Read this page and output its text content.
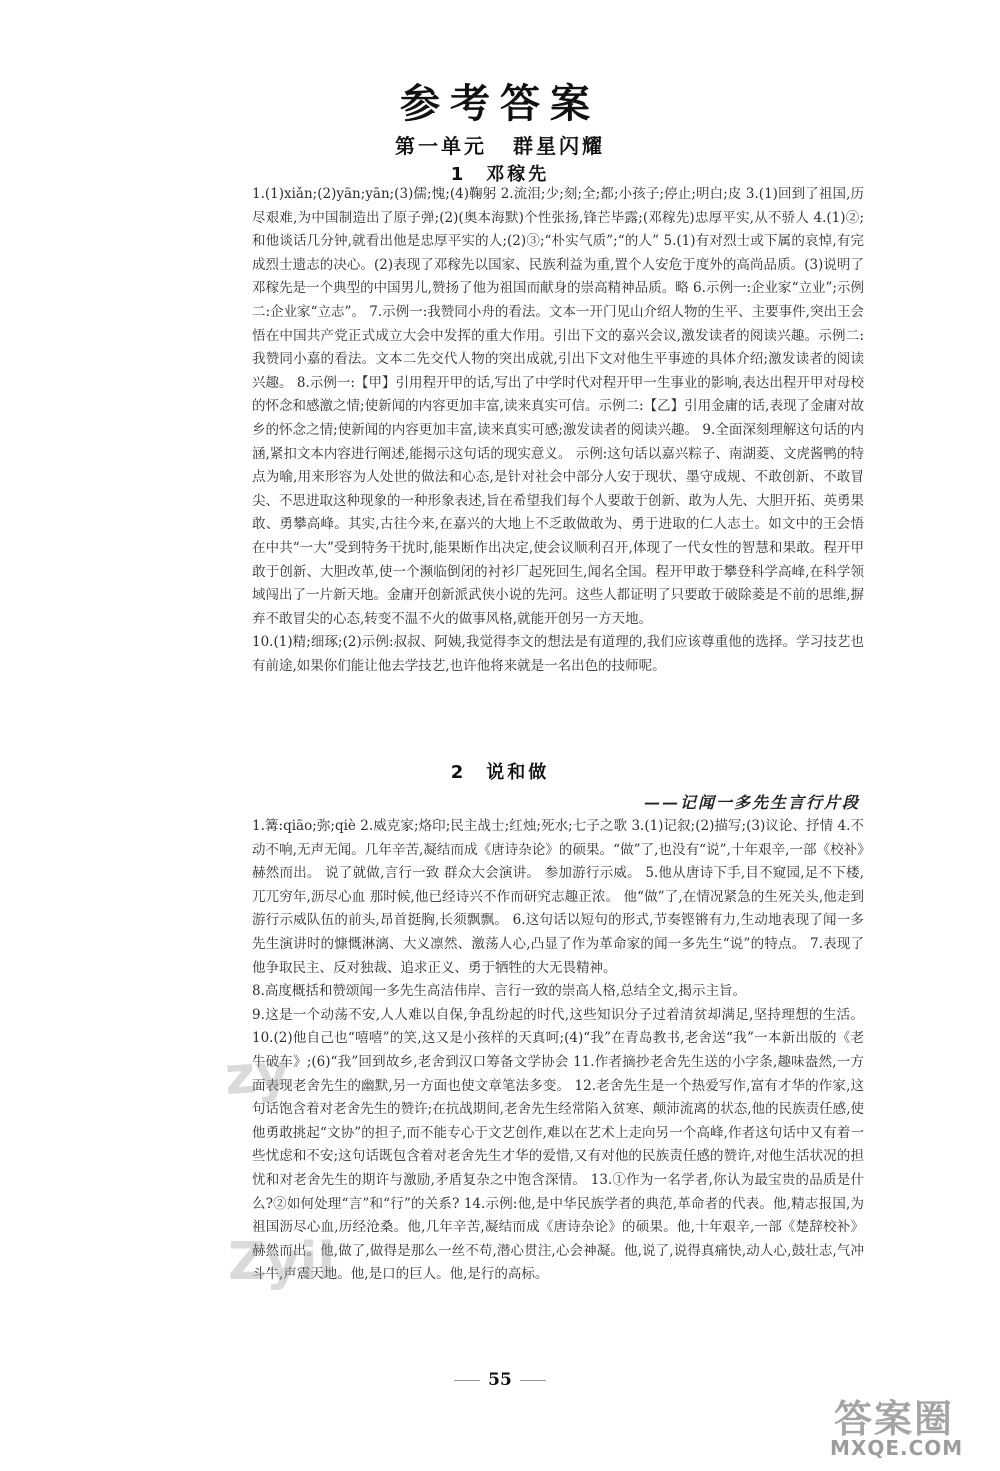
参考答案
第一单元 群星闪耀
1 邓稼先

1.(1)xiǎn;(2)yān;yān;(3)儒;愧;(4)鞠躬 2.流泪;少;刻;全;都;小孩子;停止;明白;皮 3.(1)回到了祖国,历尽艰难,为中国制造出了原子弹;(2)(奥本海默)个性张扬,锋芒毕露;(邓稼先)忠厚平实,从不骄人 4.(1)②;和他谈话几分钟,就看出他是忠厚平实的人;(2)③;“朴实气质”;“的人” 5.(1)有对烈士或下属的哀悼,有完成烈士遗志的决心。(2)表现了邓稼先以国家、民族利益为重,置个人安危于度外的高尚品质。(3)说明了邓稼先是一个典型的中国男儿,赞扬了他为祖国而献身的崇高精神品质。略 6.示例一:企业家“立业”;示例二:企业家“立志”。 7.示例一:我赞同小舟的看法。文本一开门见山介绍人物的生平、主要事件,突出王会悟在中国共产党正式成立大会中发挥的重大作用。引出下文的嘉兴会议,激发读者的阅读兴趣。示例二:我赞同小嘉的看法。文本二先交代人物的突出成就,引出下文对他生平事迹的具体介绍;激发读者的阅读兴趣。 8.示例一:【甲】引用程开甲的话,写出了中学时代对程开甲一生事业的影响,表达出程开甲对母校的怀念和感激之情;使新闻的内容更加丰富,读来真实可信。示例二:【乙】引用金庸的话,表现了金庸对故乡的怀念之情;使新闻的内容更加丰富,读来真实可感;激发读者的阅读兴趣。 9.全面深刻理解这句话的内涵,紧扣文本内容进行阐述,能揭示这句话的现实意义。 示例:这句话以嘉兴粽子、南湖菱、文虎酱鸭的特点为喻,用来形容为人处世的做法和心态,是针对社会中部分人安于现状、墨守成规、不敢创新、不敢冒尖、不思进取这种现象的一种形象表述,旨在希望我们每个人要敢于创新、敢为人先、大胆开拓、英勇果敢、勇攀高峰。其实,古往今来,在嘉兴的大地上不乏敢做敢为、勇于进取的仁人志士。如文中的王会悟在中共“一大”受到特务干扰时,能果断作出决定,使会议顺利召开,体现了一代女性的智慧和果敢。程开甲敢于创新、大胆改革,使一个濒临倒闭的衬衫厂起死回生,闻名全国。程开甲敢于攀登科学高峰,在科学领域闯出了一片新天地。金庸开创新派武侠小说的先河。这些人都证明了只要敢于破除菱是不前的思维,摒弃不敢冒尖的心态,转变不温不火的做事风格,就能开创另一方天地。

10.(1)精;细琢;(2)示例:叔叔、阿姨,我觉得李文的想法是有道理的,我们应该尊重他的选择。学习技艺也有前途,如果你们能让他去学技艺,也许他将来就是一名出色的技师呢。

2 说和做
——记闻一多先生言行片段

1.篝:qiāo;弥;qiè 2.威克家;烙印;民主战士;红烛;死水;七子之歌 3.(1)记叙;(2)描写;(3)议论、抒情 4.不动不响,无声无闻。几年辛苦,凝结而成《唐诗杂论》的硕果。“做”了,也没有“说”,十年艰辛,一部《校补》赫然而出。 说了就做,言行一致 群众大会演讲。 参加游行示威。 5.他从唐诗下手,目不窥园,足不下楼,兀兀穷年,沥尽心血 那时候,他已经诗兴不作而研究志趣正浓。 他“做”了,在情况紧急的生死关头,他走到游行示威队伍的前头,昂首挺胸,长须飘飘。 6.这句话以短句的形式,节奏铿锵有力,生动地表现了闻一多先生演讲时的慷慨淋漓、大义凛然、激荡人心,凸显了作为革命家的闻一多先生“说”的特点。 7.表现了他争取民主、反对独裁、追求正义、勇于牺牲的大无畏精神。

8.高度概括和赞颂闻一多先生高洁伟岸、言行一致的崇高人格,总结全文,揭示主旨。

9.这是一个动荡不安,人人难以自保,争乱纷起的时代,这些知识分子过着清贫却满足,坚持理想的生活。 10.(2)他自己也“嘻嘻”的笑,这又是小孩样的天真呵;(4)“我”在青岛教书,老舍送“我”一本新出版的《老牛破车》;(6)“我”回到故乡,老舍到汉口筹备文学协会 11.作者摘抄老舍先生送的小字条,趣味盎然,一方面表现老舍先生的幽默,另一方面也使文章笔法多变。 12.老舍先生是一个热爱写作,富有才华的作家,这句话饱含着对老舍先生的赞许;在抗战期间,老舍先生经常陷入贫寒、颠沛流离的状态,他的民族责任感,使他勇敢挑起“文协”的担子,而不能专心于文艺创作,难以在艺术上走向另一个高峰,作者这句话中又有着一些忧虑和不安;这句话既包含着对老舍先生才华的爱惜,又有对他的民族责任感的赞许,对他生活状况的担忧和对老舍先生的期许与激励,矛盾复杂之中饱含深情。 13.①作为一名学者,你认为最宝贵的品质是什么?②如何处理“言”和“行”的关系? 14.示例:他,是中华民族学者的典范,革命者的代表。他,精志报国,为祖国沥尽心血,历经沧桑。他,几年辛苦,凝结而成《唐诗杂论》的硕果。他,十年艰辛,一部《楚辞校补》赫然而出。他,做了,做得是那么一丝不苟,潜心贯注,心会神凝。他,说了,说得真痛快,动人心,鼓壮志,气冲斗牛,声震天地。他,是口的巨人。他,是行的高标。

zy
Zyil
55
答案圈
MXQE.COM
